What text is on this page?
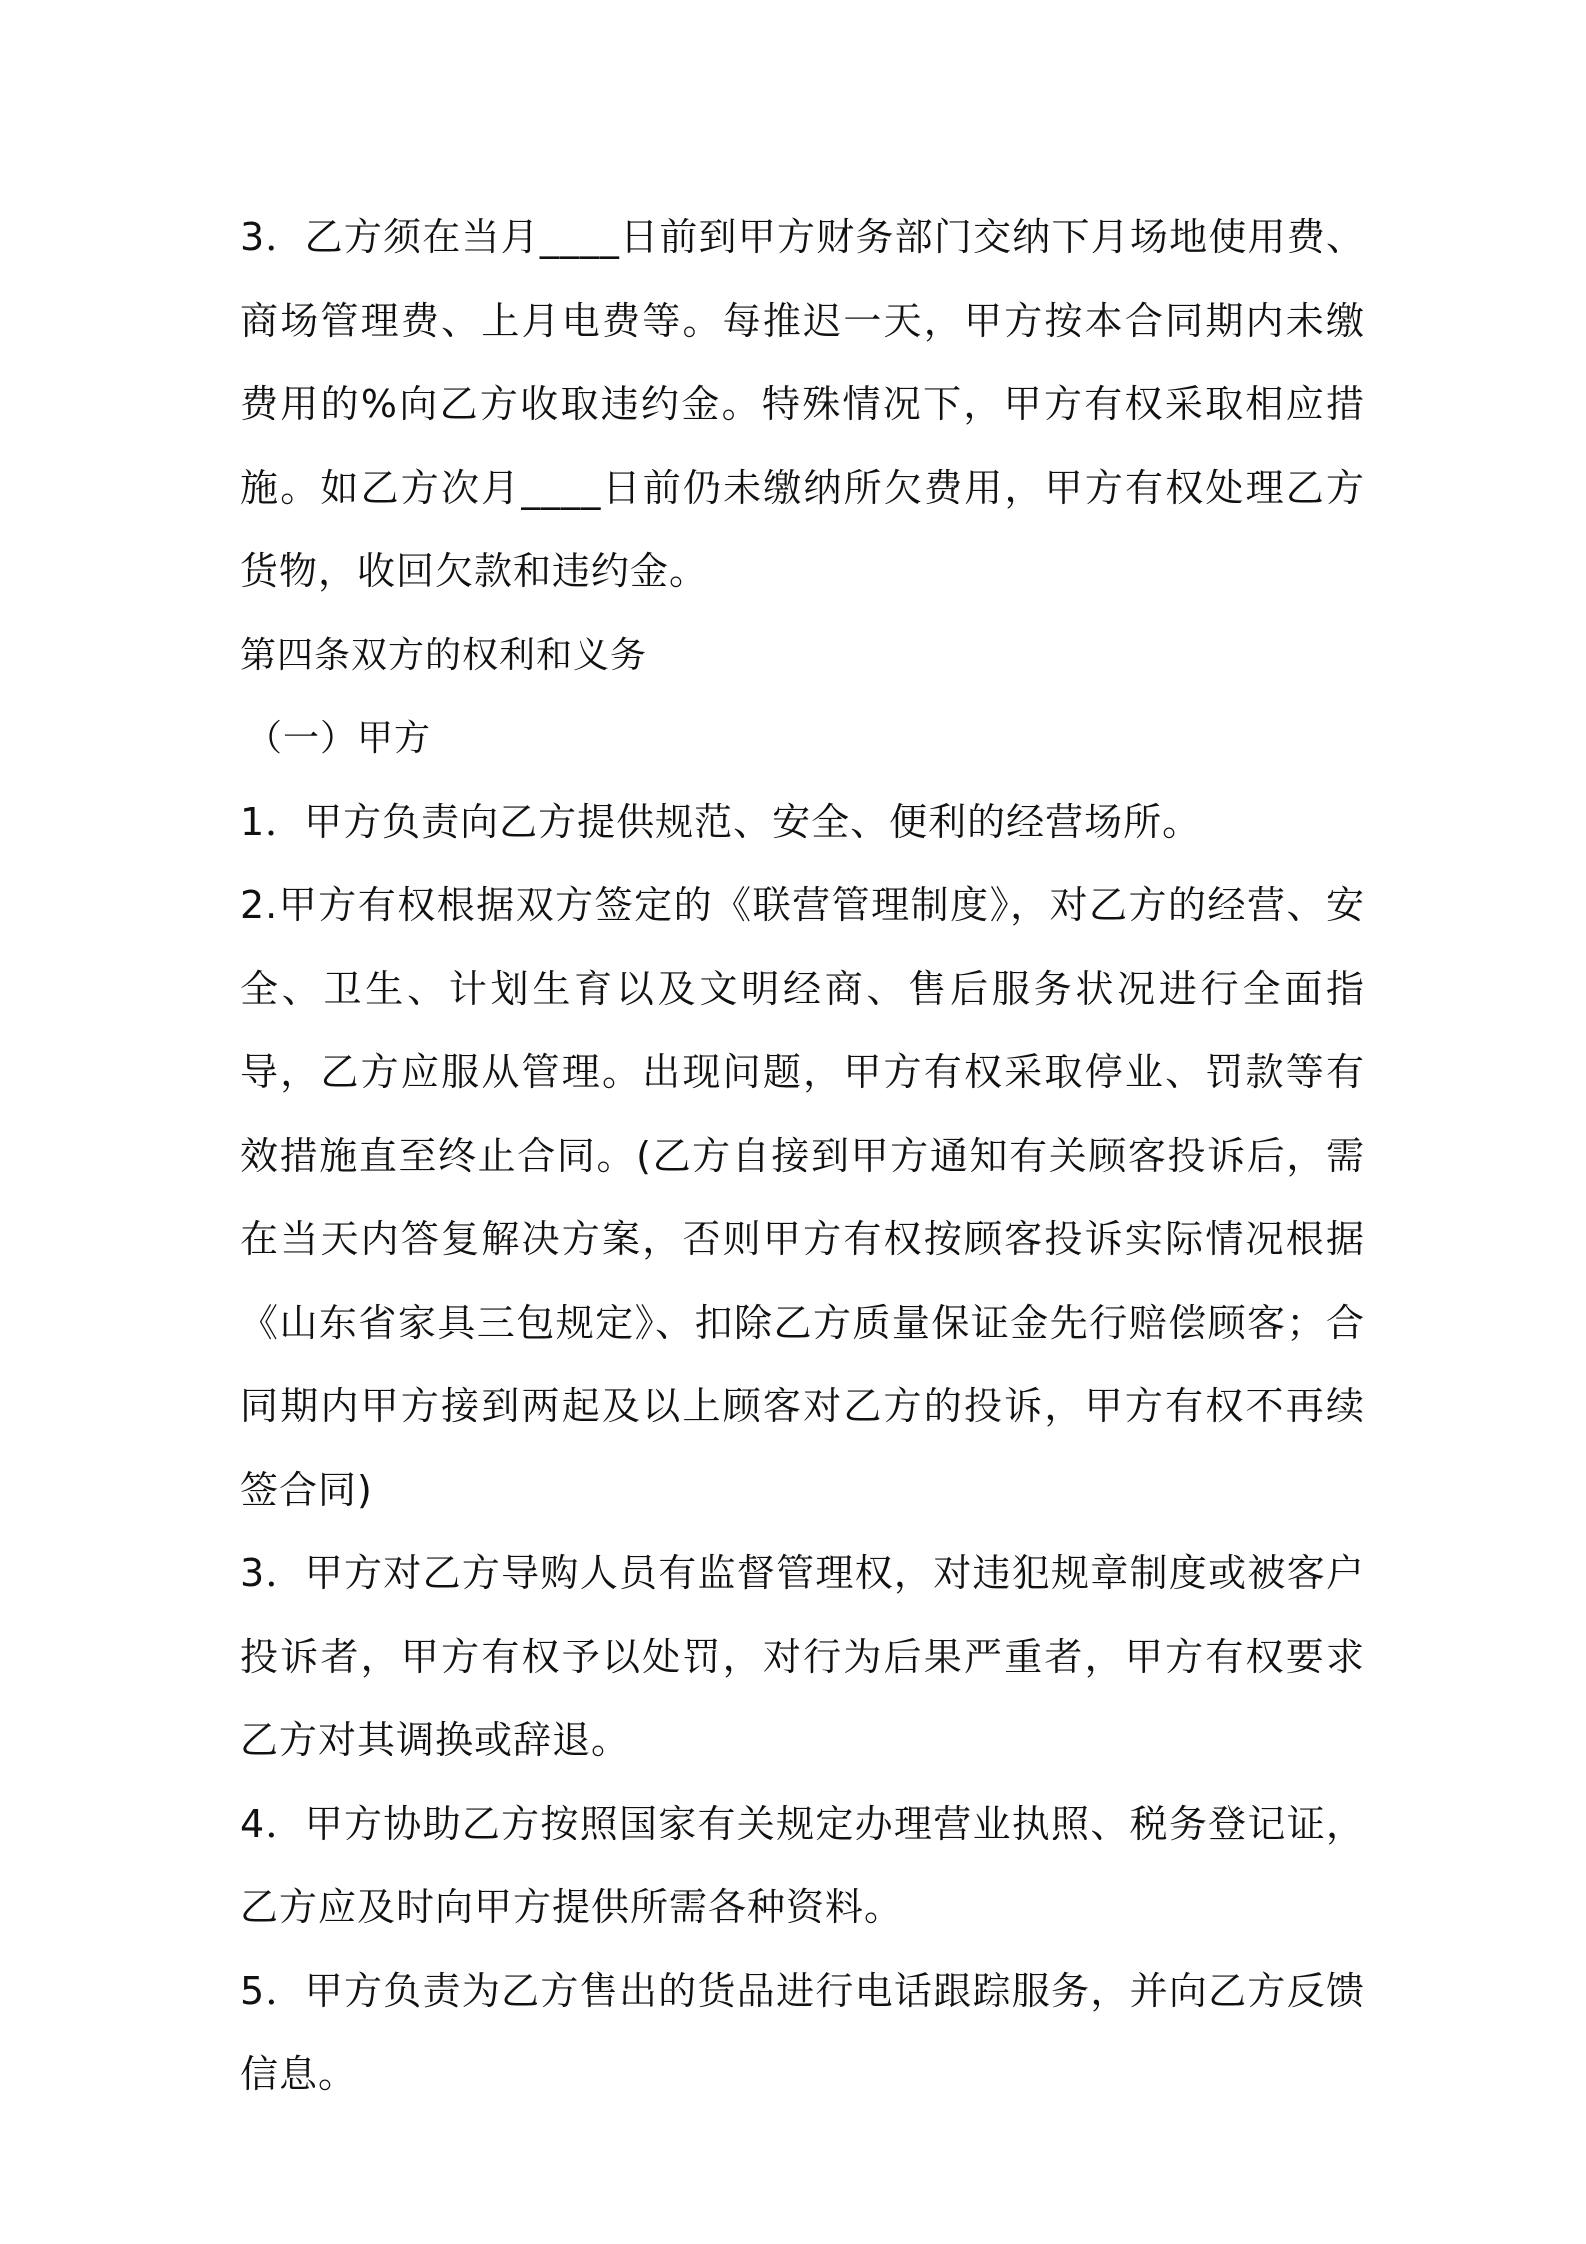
3．乙方须在当月____日前到甲方财务部门交纳下月场地使用费、商场管理费、上月电费等。每推迟一天，甲方按本合同期内未缴费用的%向乙方收取违约金。特殊情况下，甲方有权采取相应措施。如乙方次月____日前仍未缴纳所欠费用，甲方有权处理乙方货物，收回欠款和违约金。

第四条双方的权利和义务

（一）甲方

1．甲方负责向乙方提供规范、安全、便利的经营场所。

2.甲方有权根据双方签定的《联营管理制度》，对乙方的经营、安全、卫生、计划生育以及文明经商、售后服务状况进行全面指导，乙方应服从管理。出现问题，甲方有权采取停业、罚款等有效措施直至终止合同。(乙方自接到甲方通知有关顾客投诉后，需在当天内答复解决方案，否则甲方有权按顾客投诉实际情况根据《山东省家具三包规定》、扣除乙方质量保证金先行赔偿顾客；合同期内甲方接到两起及以上顾客对乙方的投诉，甲方有权不再续签合同)

3．甲方对乙方导购人员有监督管理权，对违犯规章制度或被客户投诉者，甲方有权予以处罚，对行为后果严重者，甲方有权要求乙方对其调换或辞退。

4．甲方协助乙方按照国家有关规定办理营业执照、税务登记证，乙方应及时向甲方提供所需各种资料。

5．甲方负责为乙方售出的货品进行电话跟踪服务，并向乙方反馈信息。
